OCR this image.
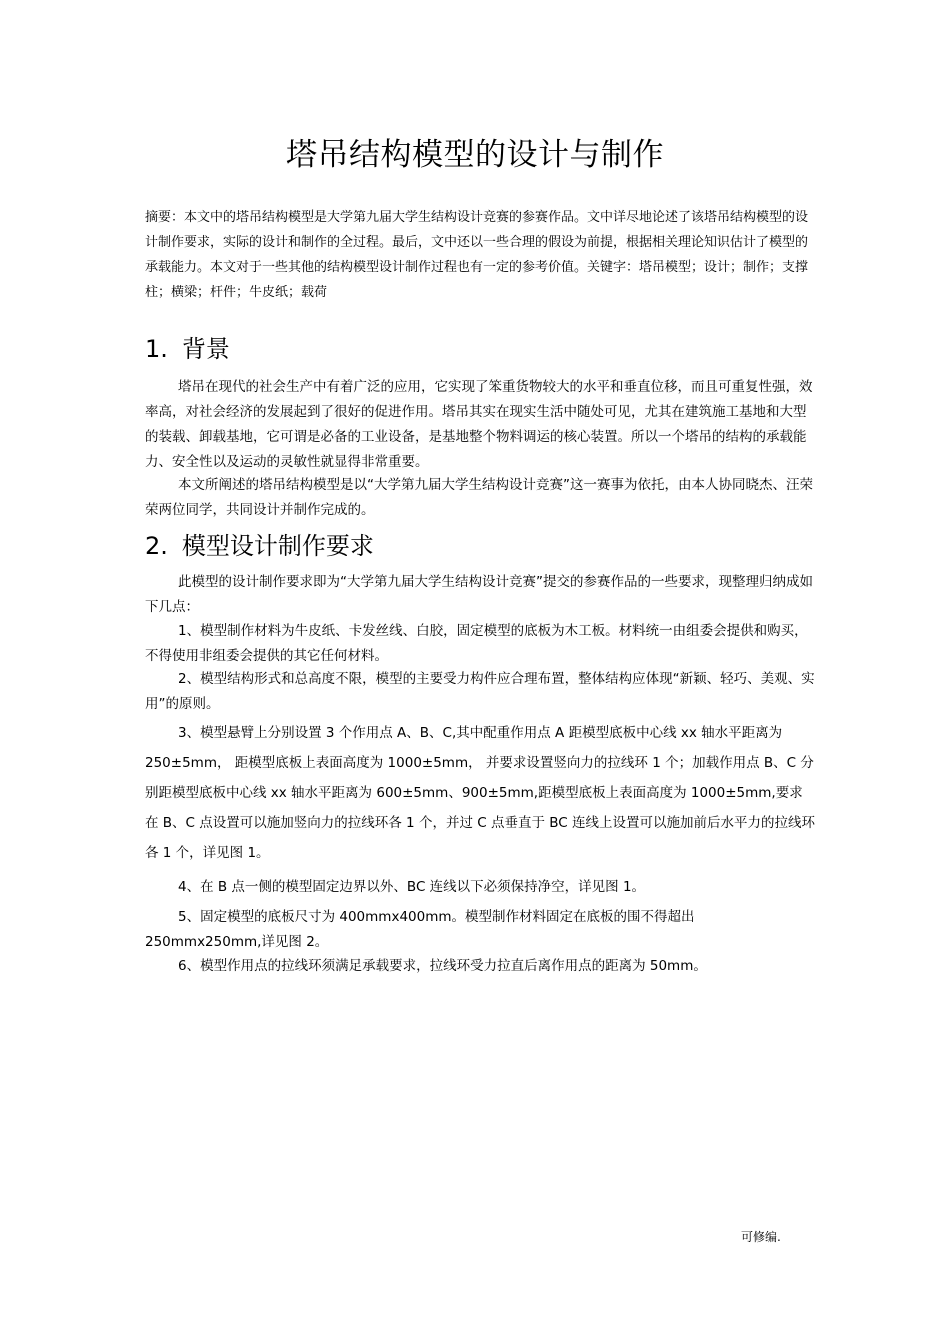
塔吊结构模型的设计与制作

摘要：本文中的塔吊结构模型是大学第九届大学生结构设计竞赛的参赛作品。文中详尽地论述了该塔吊结构模型的设计制作要求，实际的设计和制作的全过程。最后，文中还以一些合理的假设为前提，根据相关理论知识估计了模型的承载能力。本文对于一些其他的结构模型设计制作过程也有一定的参考价值。关键字：塔吊模型；设计；制作；支撑柱；横梁；杆件；牛皮纸；载荷

1. 背景

塔吊在现代的社会生产中有着广泛的应用，它实现了笨重货物较大的水平和垂直位移，而且可重复性强，效率高，对社会经济的发展起到了很好的促进作用。塔吊其实在现实生活中随处可见，尤其在建筑施工基地和大型的装载、卸载基地，它可谓是必备的工业设备，是基地整个物料调运的核心装置。所以一个塔吊的结构的承载能力、安全性以及运动的灵敏性就显得非常重要。

本文所阐述的塔吊结构模型是以“大学第九届大学生结构设计竞赛”这一赛事为依托，由本人协同晓杰、汪荣荣两位同学，共同设计并制作完成的。

2. 模型设计制作要求

此模型的设计制作要求即为“大学第九届大学生结构设计竞赛”提交的参赛作品的一些要求，现整理归纳成如下几点：

1、模型制作材料为牛皮纸、卡发丝线、白胶，固定模型的底板为木工板。材料统一由组委会提供和购买，不得使用非组委会提供的其它任何材料。

2、模型结构形式和总高度不限，模型的主要受力构件应合理布置，整体结构应体现“新颖、轻巧、美观、实用”的原则。

3、模型悬臂上分别设置 3 个作用点 A、B、C,其中配重作用点 A 距模型底板中心线 xx 轴水平距离为 250±5mm， 距模型底板上表面高度为 1000±5mm， 并要求设置竖向力的拉线环 1 个；加载作用点 B、C 分别距模型底板中心线 xx 轴水平距离为 600±5mm、900±5mm,距模型底板上表面高度为 1000±5mm,要求在 B、C 点设置可以施加竖向力的拉线环各 1 个，并过 C 点垂直于 BC 连线上设置可以施加前后水平力的拉线环各 1 个，详见图 1。

4、在 B 点一侧的模型固定边界以外、BC 连线以下必须保持净空，详见图 1。

5、固定模型的底板尺寸为 400mmx400mm。模型制作材料固定在底板的围不得超出 250mmx250mm,详见图 2。

6、模型作用点的拉线环须满足承载要求，拉线环受力拉直后离作用点的距离为 50mm。

可修编.
